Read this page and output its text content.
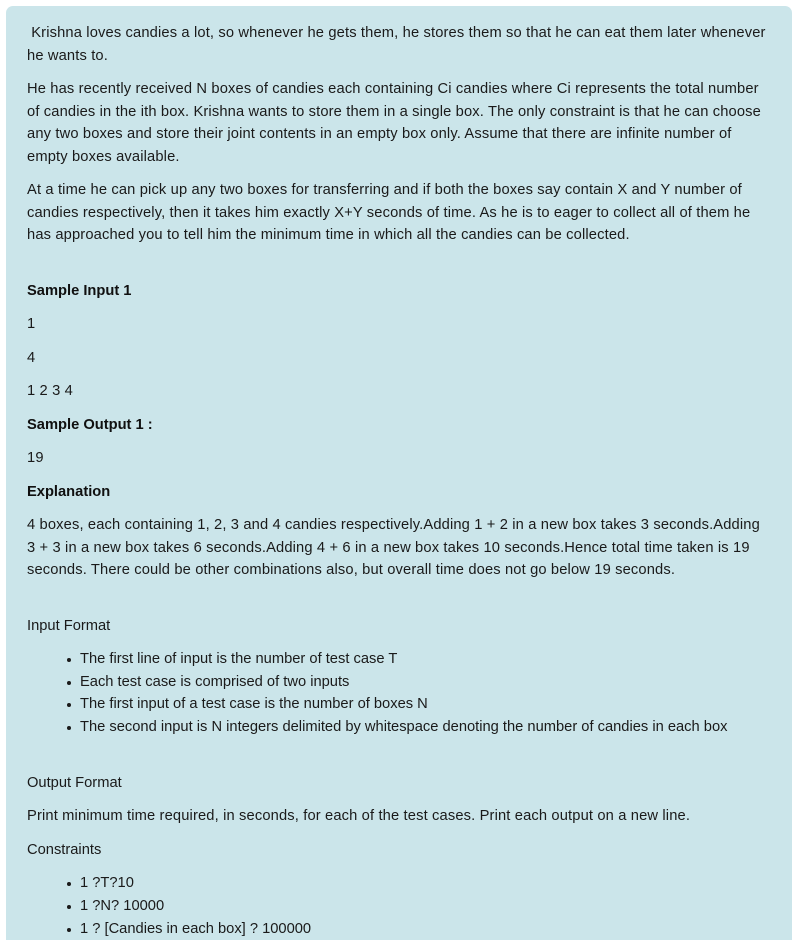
Krishna loves candies a lot, so whenever he gets them, he stores them so that he can eat them later whenever he wants to.

He has recently received N boxes of candies each containing Ci candies where Ci represents the total number of candies in the ith box. Krishna wants to store them in a single box. The only constraint is that he can choose any two boxes and store their joint contents in an empty box only. Assume that there are infinite number of empty boxes available.

At a time he can pick up any two boxes for transferring and if both the boxes say contain X and Y number of candies respectively, then it takes him exactly X+Y seconds of time. As he is to eager to collect all of them he has approached you to tell him the minimum time in which all the candies can be collected.

Sample Input 1

1

4

1 2 3 4

Sample Output 1 :

19

Explanation

4 boxes, each containing 1, 2, 3 and 4 candies respectively.Adding 1 + 2 in a new box takes 3 seconds.Adding 3 + 3 in a new box takes 6 seconds.Adding 4 + 6 in a new box takes 10 seconds.Hence total time taken is 19 seconds. There could be other combinations also, but overall time does not go below 19 seconds.

Input Format

The first line of input is the number of test case T
Each test case is comprised of two inputs
The first input of a test case is the number of boxes N
The second input is N integers delimited by whitespace denoting the number of candies in each box

Output Format

Print minimum time required, in seconds, for each of the test cases. Print each output on a new line.

Constraints

1 ?T?10
1 ?N? 10000
1 ? [Candies in each box] ? 100000
